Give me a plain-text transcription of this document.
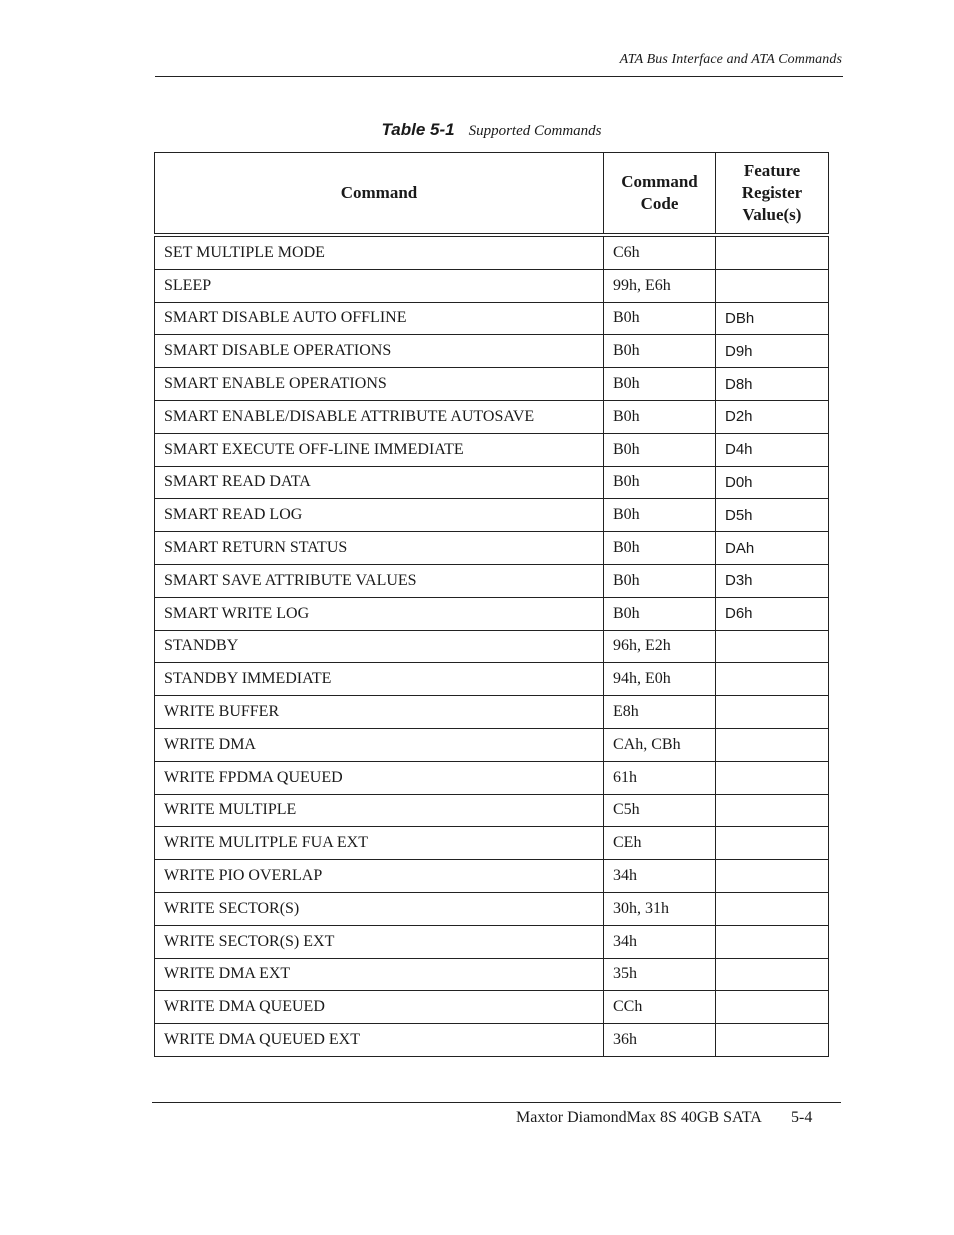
ATA Bus Interface and ATA Commands
Table 5-1 Supported Commands
Command	Command Code	Feature Register Value(s)
SET MULTIPLE MODE	C6h	
SLEEP	99h, E6h	
SMART DISABLE AUTO OFFLINE	B0h	DBh
SMART DISABLE OPERATIONS	B0h	D9h
SMART ENABLE OPERATIONS	B0h	D8h
SMART ENABLE/DISABLE ATTRIBUTE AUTOSAVE	B0h	D2h
SMART EXECUTE OFF-LINE IMMEDIATE	B0h	D4h
SMART READ DATA	B0h	D0h
SMART READ LOG	B0h	D5h
SMART RETURN STATUS	B0h	DAh
SMART SAVE ATTRIBUTE VALUES	B0h	D3h
SMART WRITE LOG	B0h	D6h
STANDBY	96h, E2h	
STANDBY IMMEDIATE	94h, E0h	
WRITE BUFFER	E8h	
WRITE DMA	CAh, CBh	
WRITE FPDMA QUEUED	61h	
WRITE MULTIPLE	C5h	
WRITE MULITPLE FUA EXT	CEh	
WRITE PIO OVERLAP	34h	
WRITE SECTOR(S)	30h, 31h	
WRITE SECTOR(S) EXT	34h	
WRITE DMA EXT	35h	
WRITE DMA QUEUED	CCh	
WRITE DMA QUEUED EXT	36h	
Maxtor DiamondMax 8S 40GB SATA 5-4
